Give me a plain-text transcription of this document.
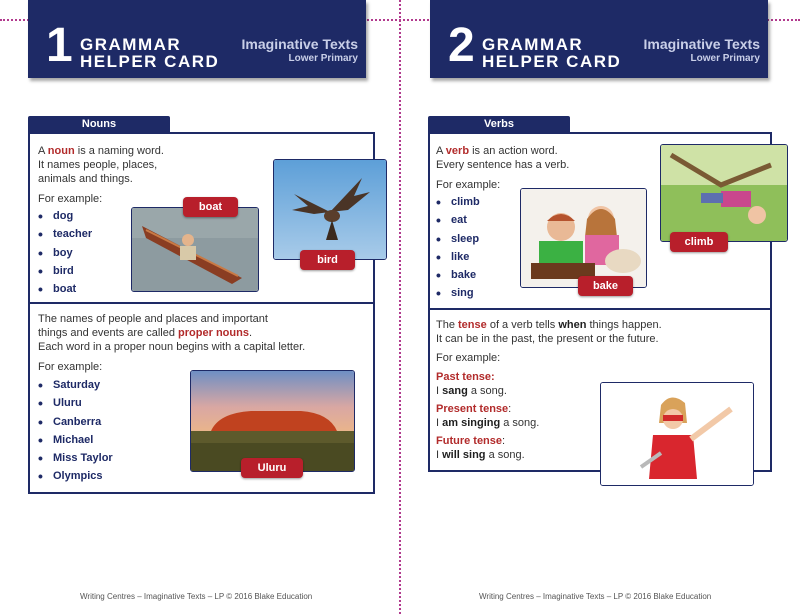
1 GRAMMAR
HELPER CARD
Imaginative Texts
Lower Primary
Nouns
A noun is a naming word.
It names people, places,
animals and things.
For example:
• dog
• teacher
• boy
• bird
• boat
boat
bird
The names of people and places and important
things and events are called proper nouns.
Each word in a proper noun begins with a capital letter.
For example:
• Saturday
• Uluru
• Canberra
• Michael
• Miss Taylor
• Olympics
Uluru
Writing Centres – Imaginative Texts – LP © 2016 Blake Education
2 GRAMMAR
HELPER CARD
Imaginative Texts
Lower Primary
Verbs
A verb is an action word.
Every sentence has a verb.
For example:
• climb
• eat
• sleep
• like
• bake
• sing
bake
climb
The tense of a verb tells when things happen.
It can be in the past, the present or the future.
For example:
Past tense:
I sang a song.
Present tense:
I am singing a song.
Future tense:
I will sing a song.
Writing Centres – Imaginative Texts – LP © 2016 Blake Education
